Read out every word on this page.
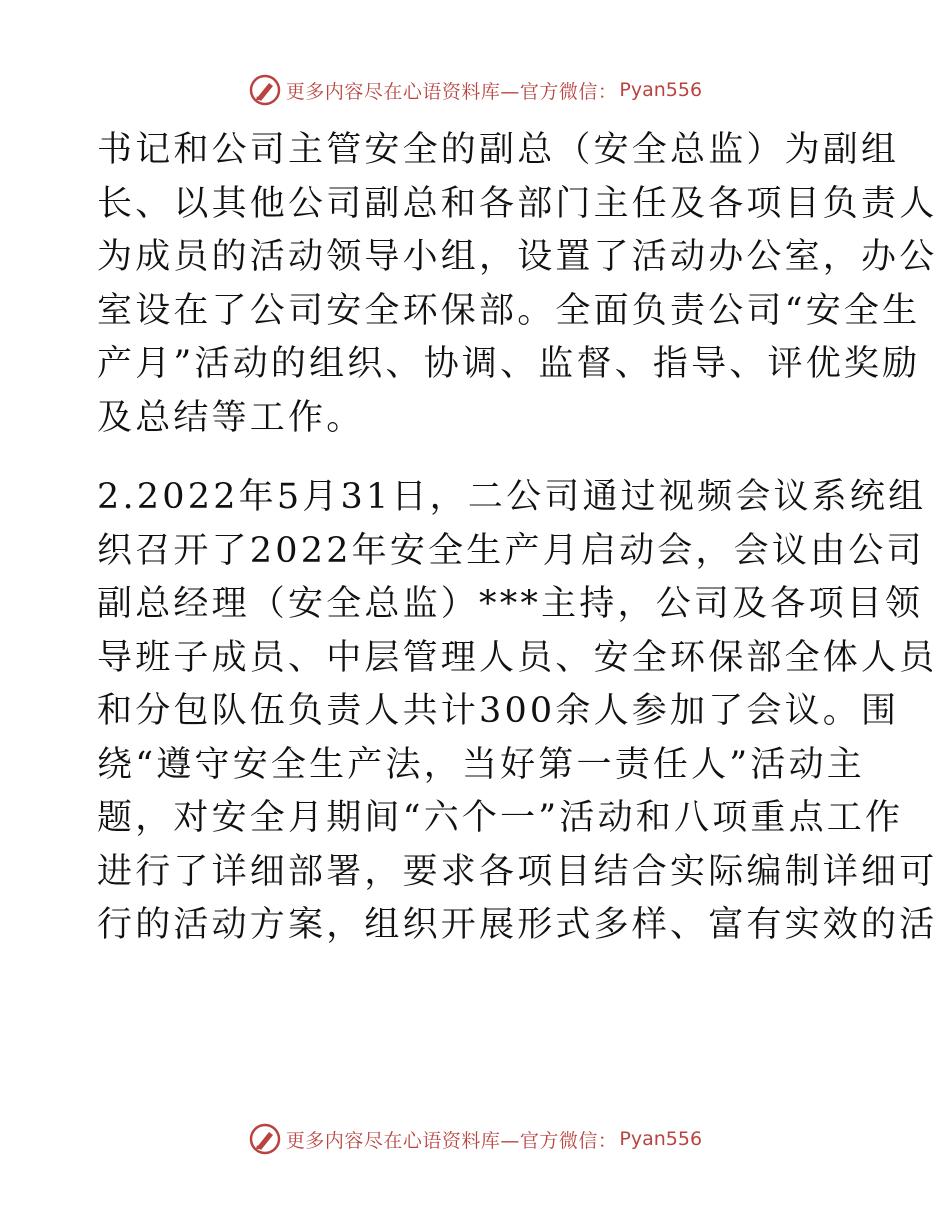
更多内容尽在心语资料库—官方微信： Pyan556
书记和公司主管安全的副总（安全总监）为副组
长、以其他公司副总和各部门主任及各项目负责人
为成员的活动领导小组，设置了活动办公室，办公
室设在了公司安全环保部。全面负责公司“安全生
产月”活动的组织、协调、监督、指导、评优奖励
及总结等工作。
2.2022年5月31日，二公司通过视频会议系统组
织召开了2022年安全生产月启动会，会议由公司
副总经理（安全总监）***主持，公司及各项目领
导班子成员、中层管理人员、安全环保部全体人员
和分包队伍负责人共计300余人参加了会议。围
绕“遵守安全生产法，当好第一责任人”活动主
题，对安全月期间“六个一”活动和八项重点工作
进行了详细部署，要求各项目结合实际编制详细可
行的活动方案，组织开展形式多样、富有实效的活
更多内容尽在心语资料库—官方微信： Pyan556
